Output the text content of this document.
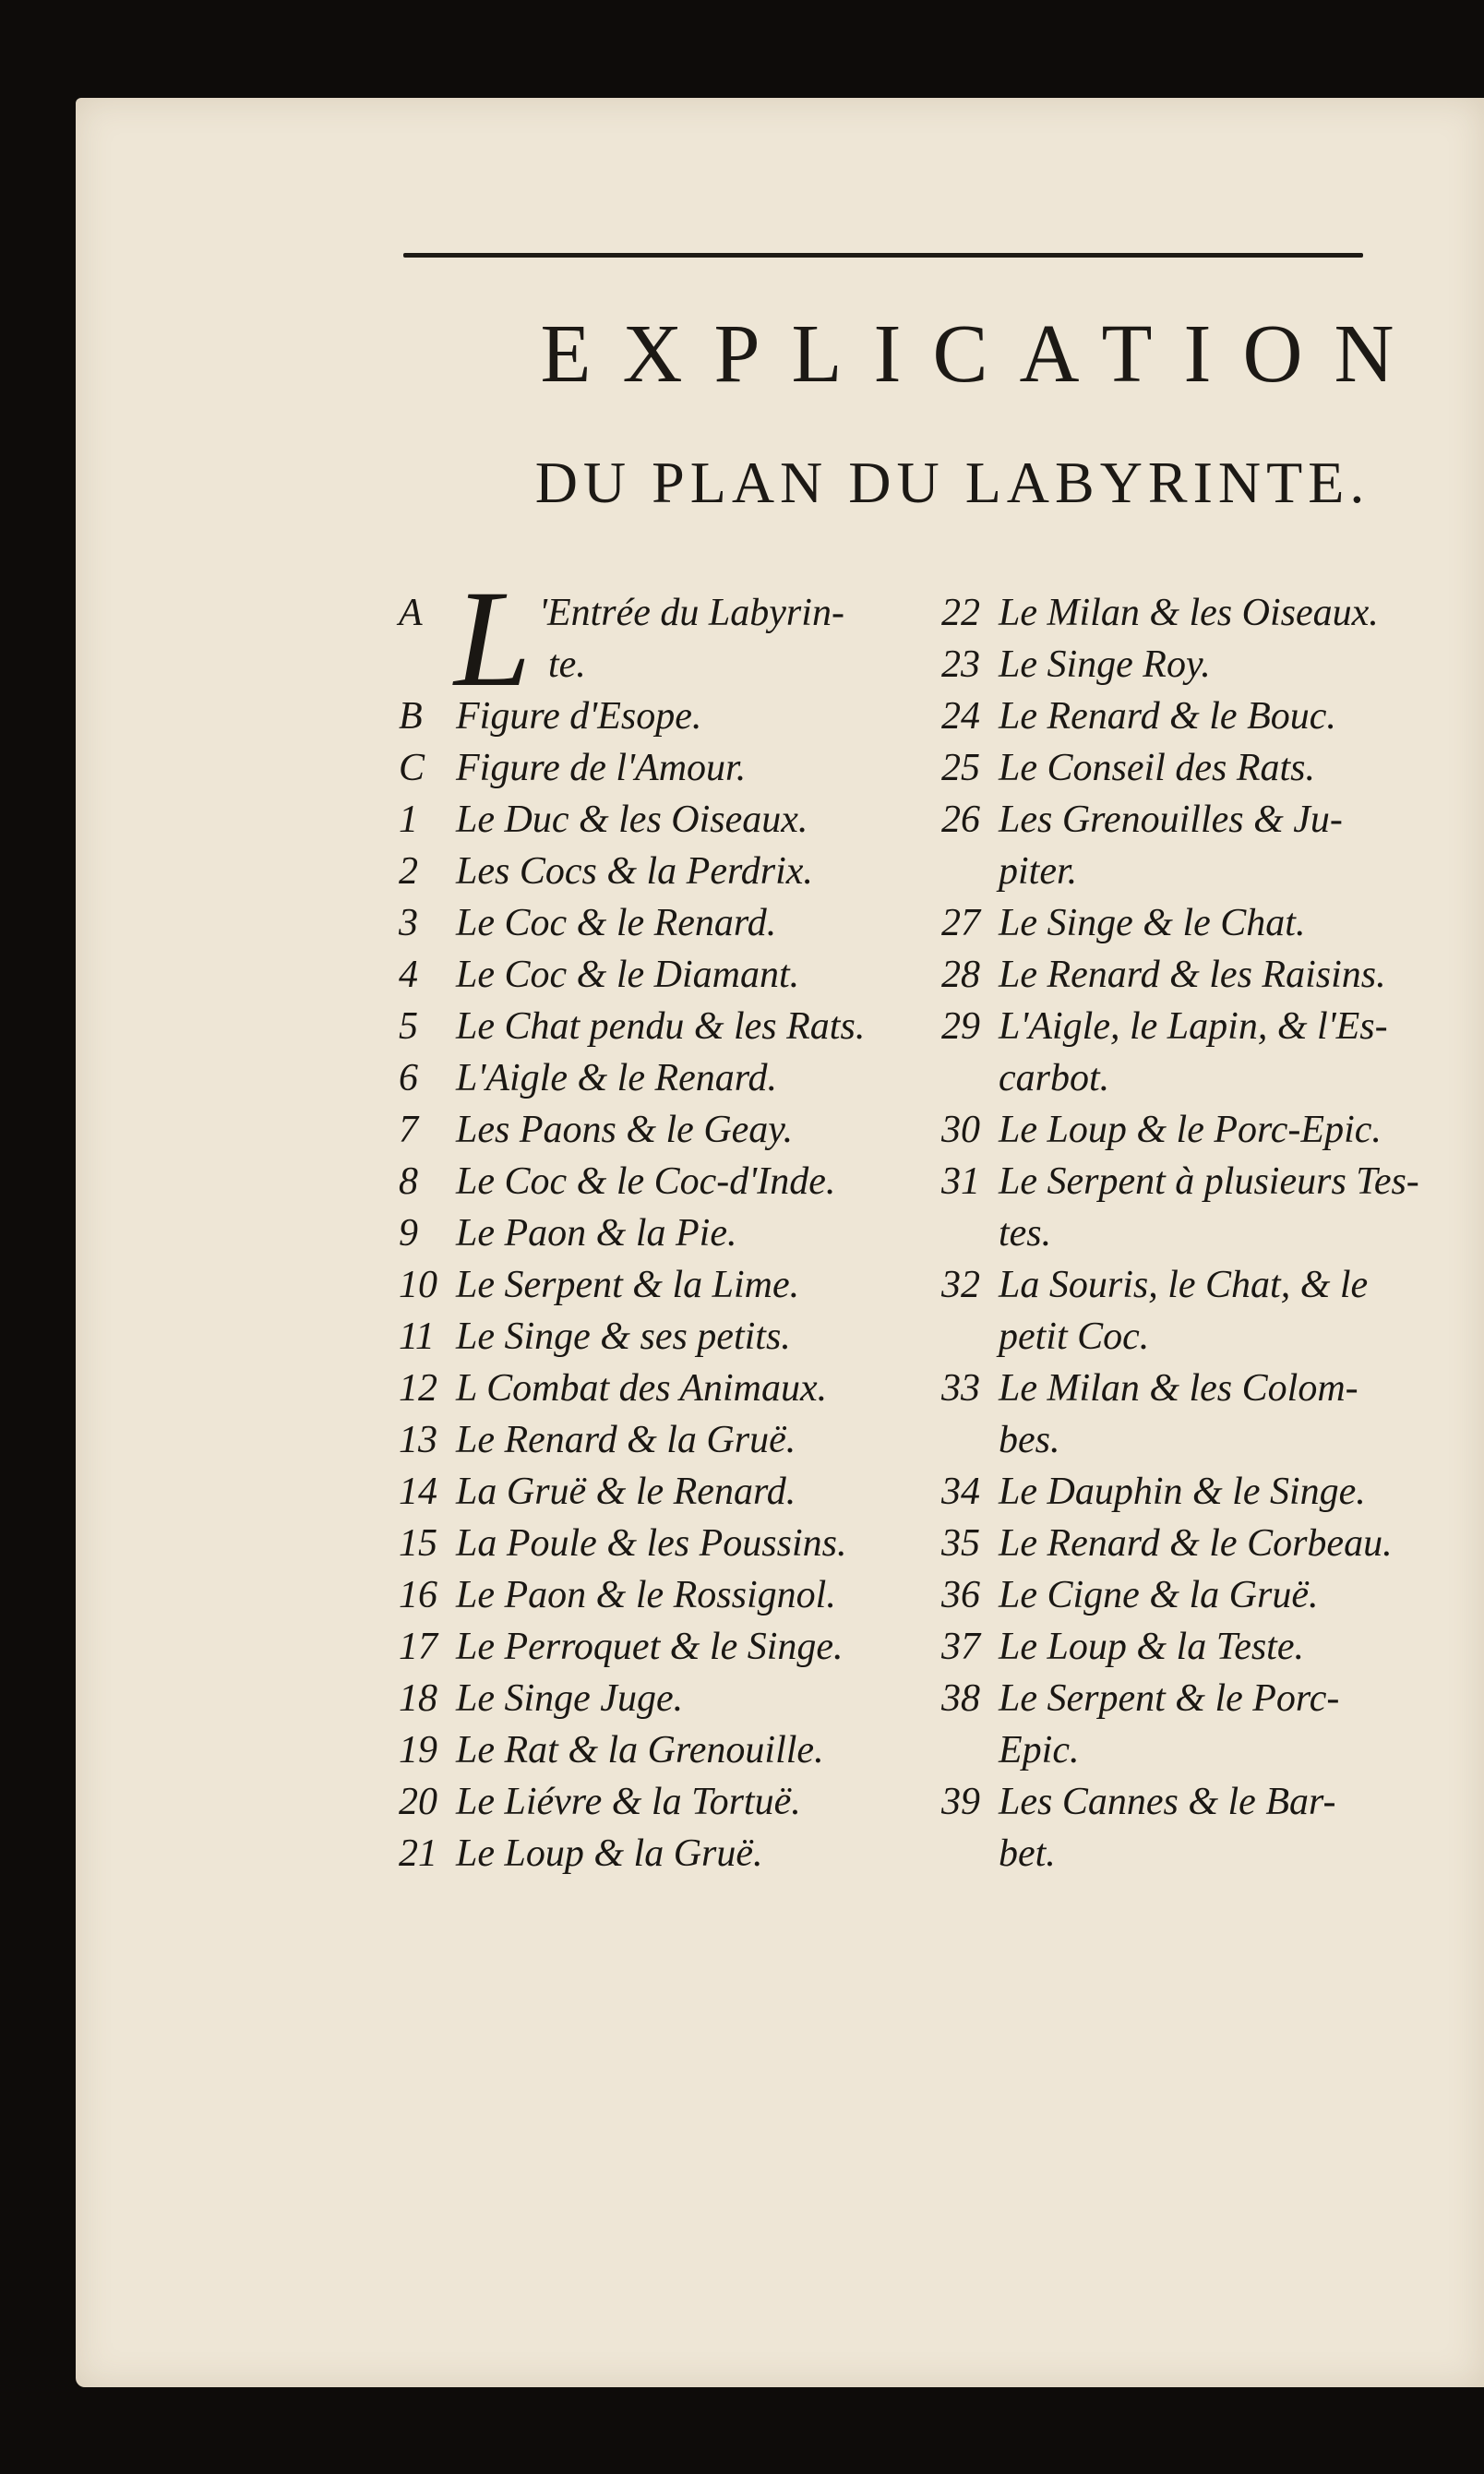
EXPLICATION
DU PLAN DU LABYRINTE.
A L 'Entrée du Labyrin-
te.
B Figure d'Esope.
C Figure de l'Amour.
1 Le Duc & les Oiseaux.
2 Les Cocs & la Perdrix.
3 Le Coc & le Renard.
4 Le Coc & le Diamant.
5 Le Chat pendu & les Rats.
6 L'Aigle & le Renard.
7 Les Paons & le Geay.
8 Le Coc & le Coc-d'Inde.
9 Le Paon & la Pie.
10 Le Serpent & la Lime.
11 Le Singe & ses petits.
12 L Combat des Animaux.
13 Le Renard & la Gruë.
14 La Gruë & le Renard.
15 La Poule & les Poussins.
16 Le Paon & le Rossignol.
17 Le Perroquet & le Singe.
18 Le Singe Juge.
19 Le Rat & la Grenouille.
20 Le Liévre & la Tortuë.
21 Le Loup & la Gruë.
22 Le Milan & les Oiseaux.
23 Le Singe Roy.
24 Le Renard & le Bouc.
25 Le Conseil des Rats.
26 Les Grenouilles & Ju-
piter.
27 Le Singe & le Chat.
28 Le Renard & les Raisins.
29 L'Aigle, le Lapin, & l'Es-
carbot.
30 Le Loup & le Porc-Epic.
31 Le Serpent à plusieurs Tes-
tes.
32 La Souris, le Chat, & le
petit Coc.
33 Le Milan & les Colom-
bes.
34 Le Dauphin & le Singe.
35 Le Renard & le Corbeau.
36 Le Cigne & la Gruë.
37 Le Loup & la Teste.
38 Le Serpent & le Porc-
Epic.
39 Les Cannes & le Bar-
bet.
